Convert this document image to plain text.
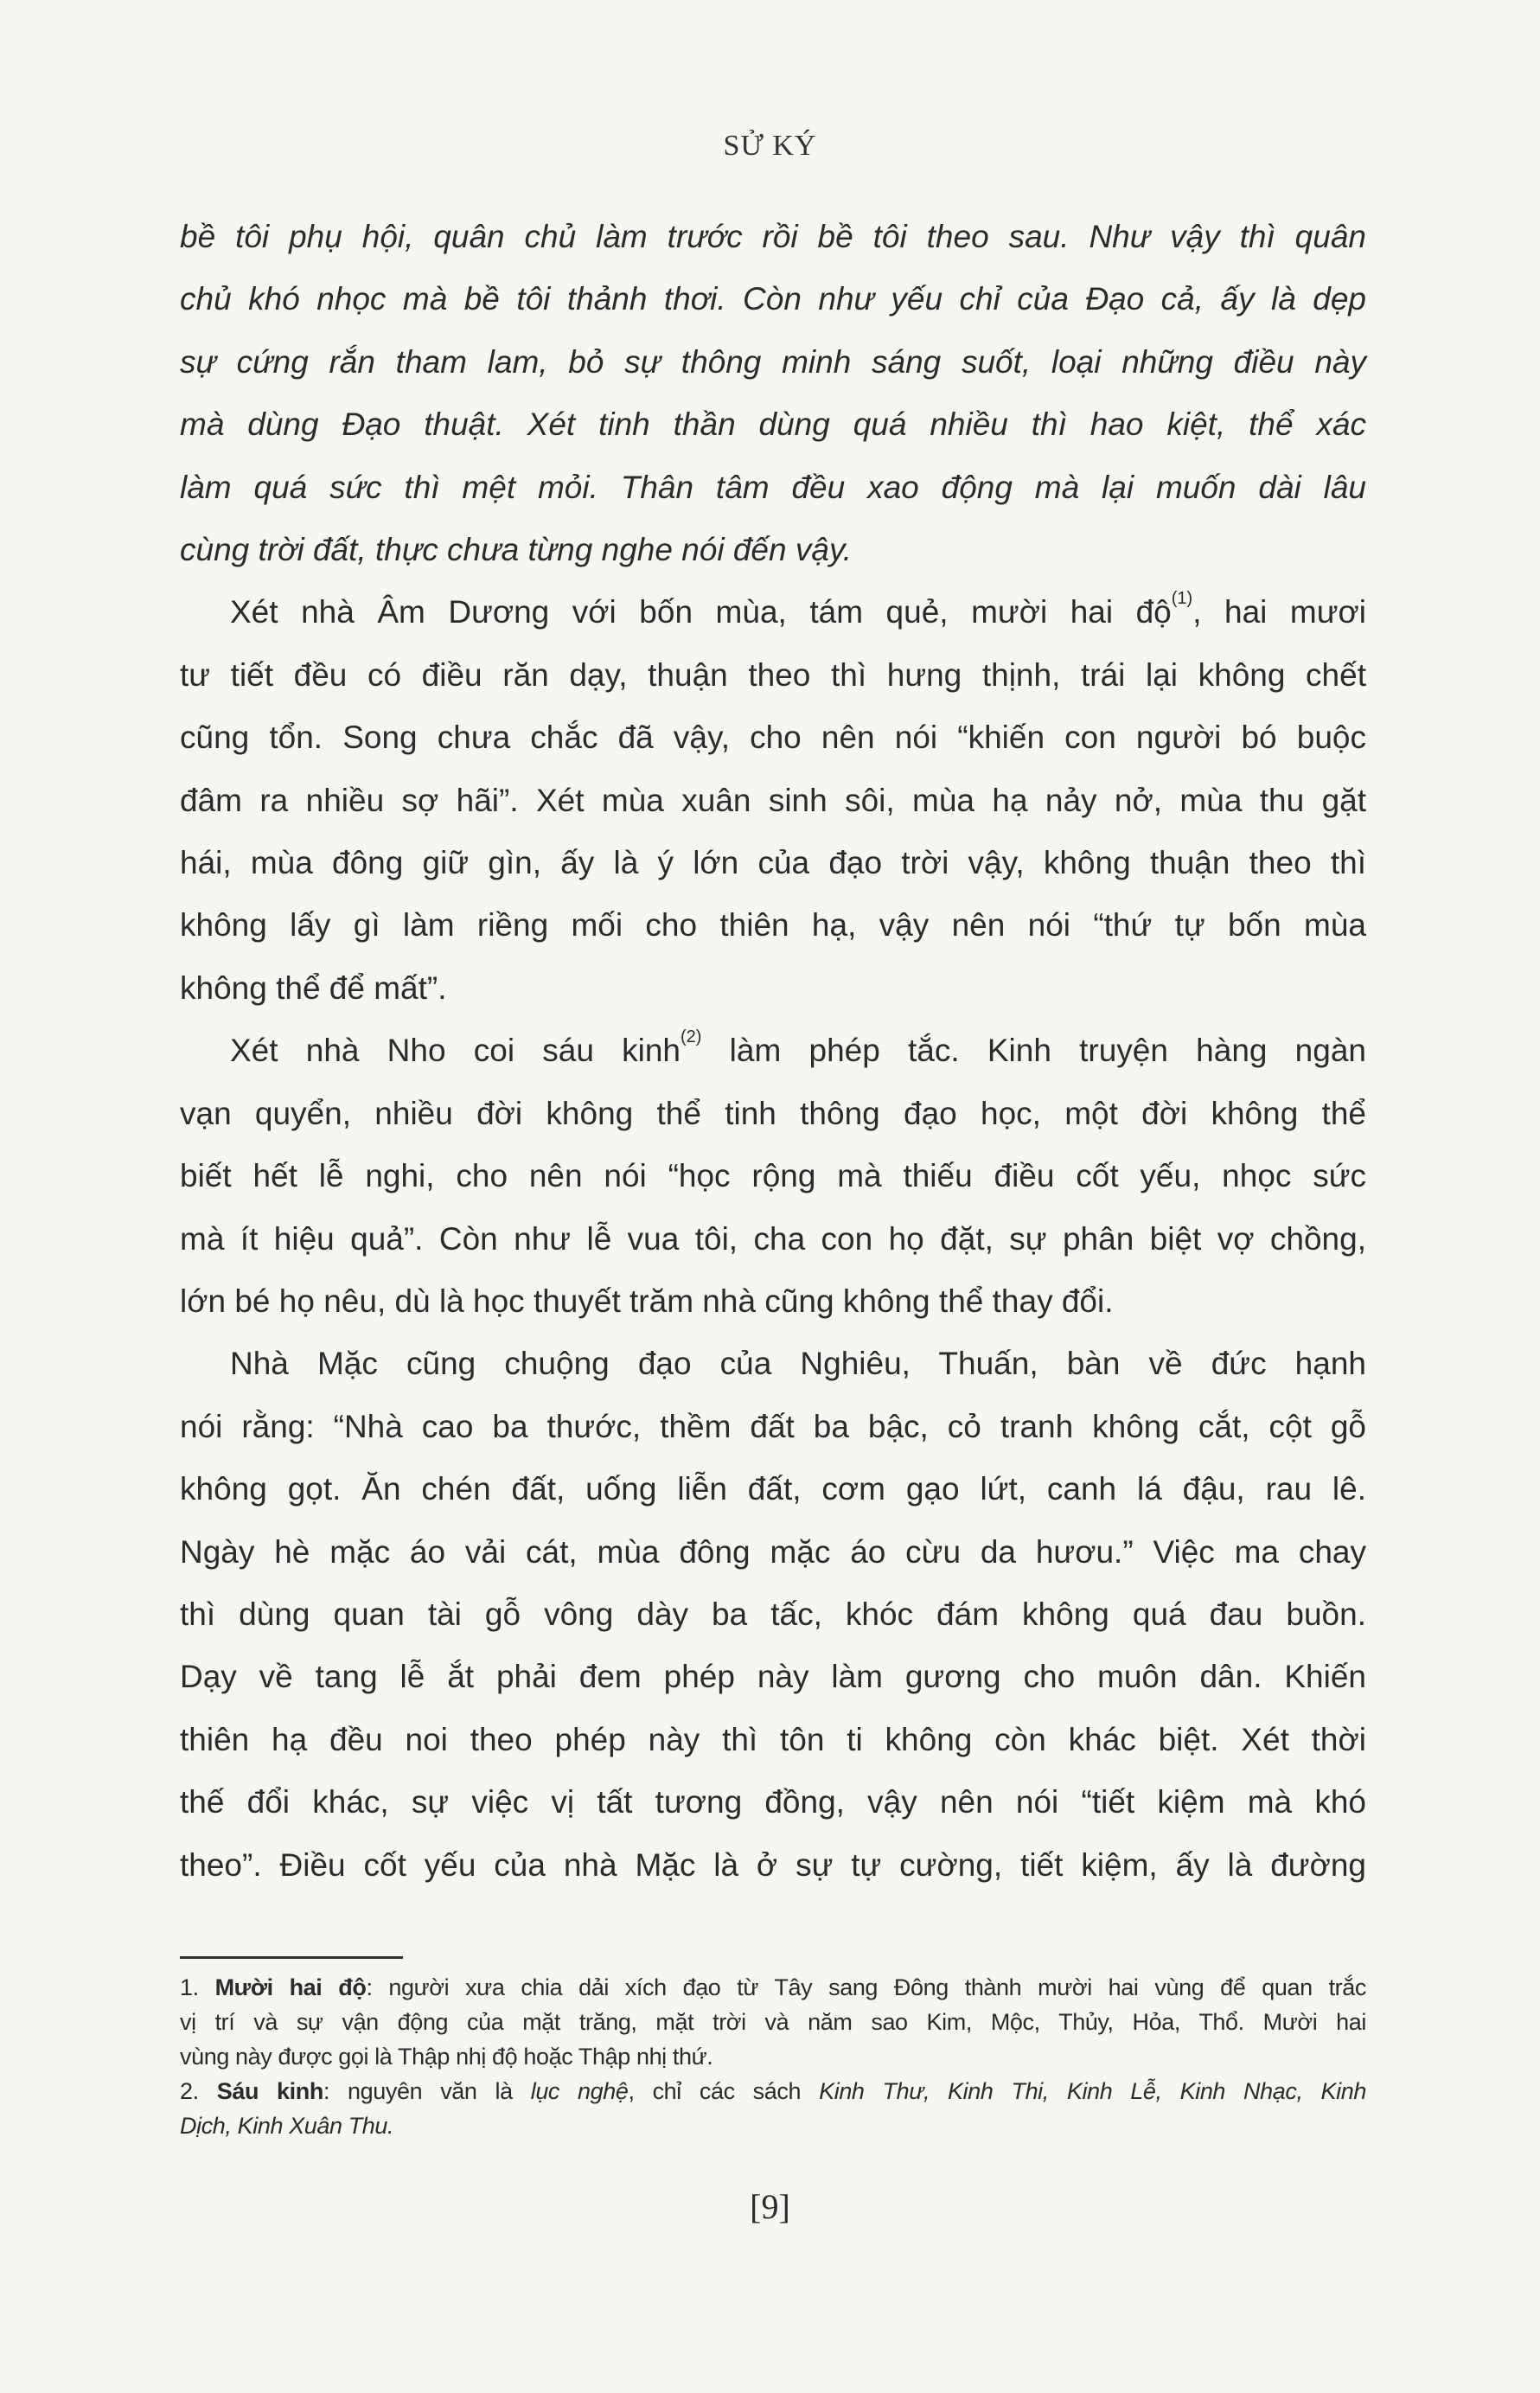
SỬ KÝ
bề tôi phụ hội, quân chủ làm trước rồi bề tôi theo sau. Như vậy thì quân
chủ khó nhọc mà bề tôi thảnh thơi. Còn như yếu chỉ của Đạo cả, ấy là dẹp
sự cứng rắn tham lam, bỏ sự thông minh sáng suốt, loại những điều này
mà dùng Đạo thuật. Xét tinh thần dùng quá nhiều thì hao kiệt, thể xác
làm quá sức thì mệt mỏi. Thân tâm đều xao động mà lại muốn dài lâu
cùng trời đất, thực chưa từng nghe nói đến vậy.
Xét nhà Âm Dương với bốn mùa, tám quẻ, mười hai độ$^{(1)}$, hai mươi
tư tiết đều có điều răn dạy, thuận theo thì hưng thịnh, trái lại không chết
cũng tổn. Song chưa chắc đã vậy, cho nên nói “khiến con người bó buộc
đâm ra nhiều sợ hãi”. Xét mùa xuân sinh sôi, mùa hạ nảy nở, mùa thu gặt
hái, mùa đông giữ gìn, ấy là ý lớn của đạo trời vậy, không thuận theo thì
không lấy gì làm riềng mối cho thiên hạ, vậy nên nói “thứ tự bốn mùa
không thể để mất”.
Xét nhà Nho coi sáu kinh$^{(2)}$ làm phép tắc. Kinh truyện hàng ngàn
vạn quyển, nhiều đời không thể tinh thông đạo học, một đời không thể
biết hết lễ nghi, cho nên nói “học rộng mà thiếu điều cốt yếu, nhọc sức
mà ít hiệu quả”. Còn như lễ vua tôi, cha con họ đặt, sự phân biệt vợ chồng,
lớn bé họ nêu, dù là học thuyết trăm nhà cũng không thể thay đổi.
Nhà Mặc cũng chuộng đạo của Nghiêu, Thuấn, bàn về đức hạnh
nói rằng: “Nhà cao ba thước, thềm đất ba bậc, cỏ tranh không cắt, cột gỗ
không gọt. Ăn chén đất, uống liễn đất, cơm gạo lứt, canh lá đậu, rau lê.
Ngày hè mặc áo vải cát, mùa đông mặc áo cừu da hươu.” Việc ma chay
thì dùng quan tài gỗ vông dày ba tấc, khóc đám không quá đau buồn.
Dạy về tang lễ ắt phải đem phép này làm gương cho muôn dân. Khiến
thiên hạ đều noi theo phép này thì tôn ti không còn khác biệt. Xét thời
thế đổi khác, sự việc vị tất tương đồng, vậy nên nói “tiết kiệm mà khó
theo”. Điều cốt yếu của nhà Mặc là ở sự tự cường, tiết kiệm, ấy là đường
1. Mười hai độ: người xưa chia dải xích đạo từ Tây sang Đông thành mười hai vùng để quan trắc
vị trí và sự vận động của mặt trăng, mặt trời và năm sao Kim, Mộc, Thủy, Hỏa, Thổ. Mười hai
vùng này được gọi là Thập nhị độ hoặc Thập nhị thứ.
2. Sáu kinh: nguyên văn là lục nghệ, chỉ các sách Kinh Thư, Kinh Thi, Kinh Lễ, Kinh Nhạc, Kinh
Dịch, Kinh Xuân Thu.
[9]
